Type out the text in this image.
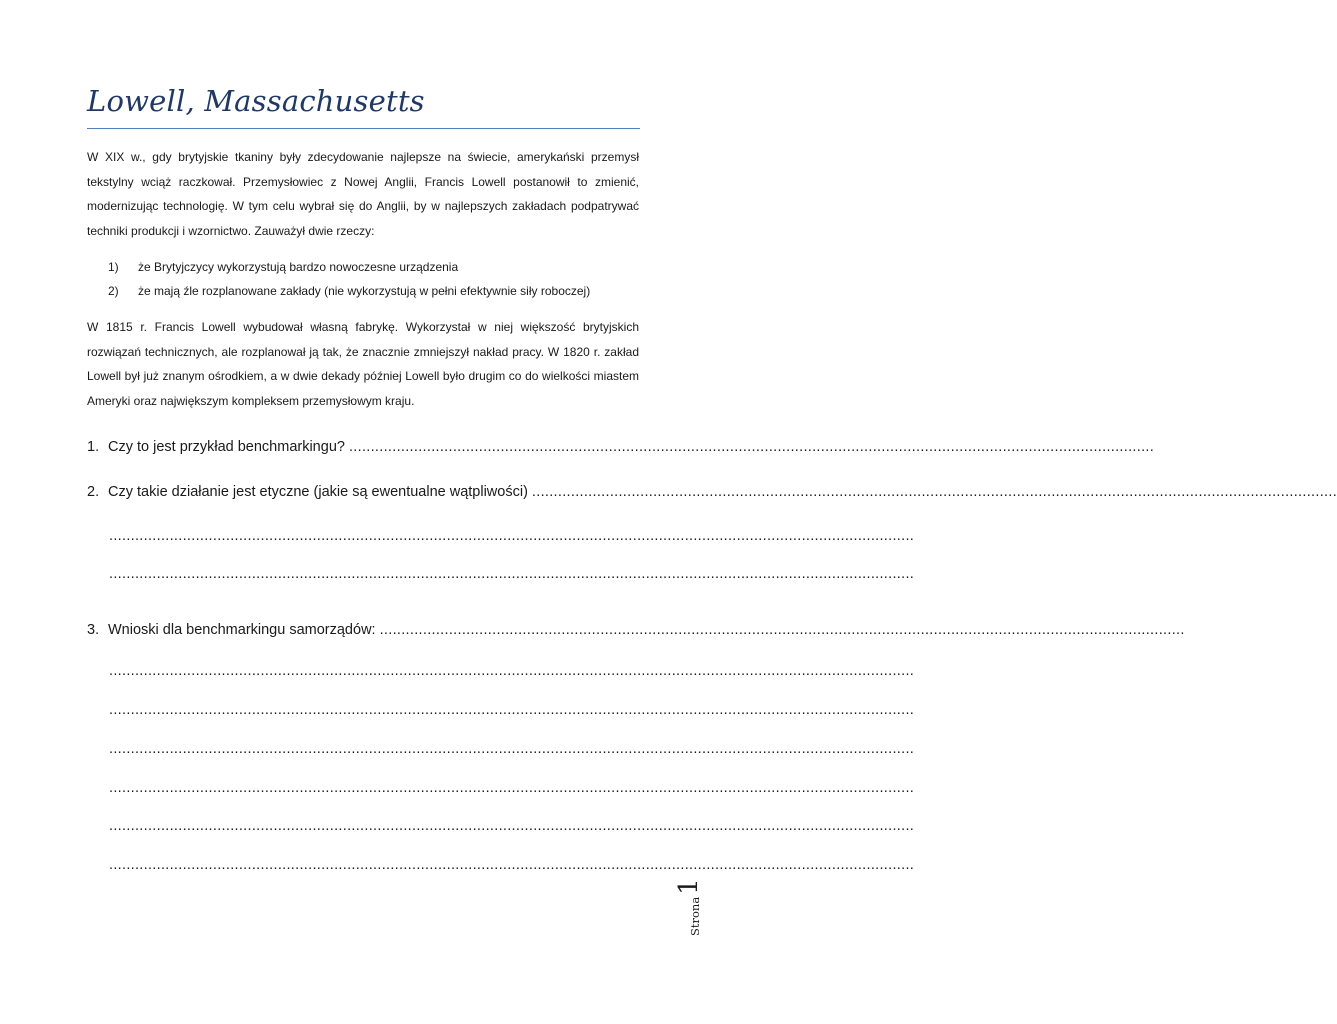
Lowell, Massachusetts

W XIX w., gdy brytyjskie tkaniny były zdecydowanie najlepsze na świecie, amerykański przemysł tekstylny wciąż raczkował. Przemysłowiec z Nowej Anglii, Francis Lowell postanowił to zmienić, modernizując technologię. W tym celu wybrał się do Anglii, by w najlepszych zakładach podpatrywać techniki produkcji i wzornictwo. Zauważył dwie rzeczy:

1)	że Brytyjczycy wykorzystują bardzo nowoczesne urządzenia
2)	że mają źle rozplanowane zakłady (nie wykorzystują w pełni efektywnie siły roboczej)

W 1815 r. Francis Lowell wybudował własną fabrykę. Wykorzystał w niej większość brytyjskich rozwiązań technicznych, ale rozplanował ją tak, że znacznie zmniejszył nakład pracy. W 1820 r. zakład Lowell był już znanym ośrodkiem, a w dwie dekady później Lowell było drugim co do wielkości miastem Ameryki oraz największym kompleksem przemysłowym kraju.

1. Czy to jest przykład benchmarkingu? ..........................................................................................................................................................................................
2. Czy takie działanie jest etyczne (jakie są ewentualne wątpliwości) ..........................................................................................................................................................................................
..........................................................................................................................................................................................
..........................................................................................................................................................................................
3. Wnioski dla benchmarkingu samorządów: ..........................................................................................................................................................................................
..........................................................................................................................................................................................
..........................................................................................................................................................................................
..........................................................................................................................................................................................
..........................................................................................................................................................................................
..........................................................................................................................................................................................
..........................................................................................................................................................................................
Strona1
